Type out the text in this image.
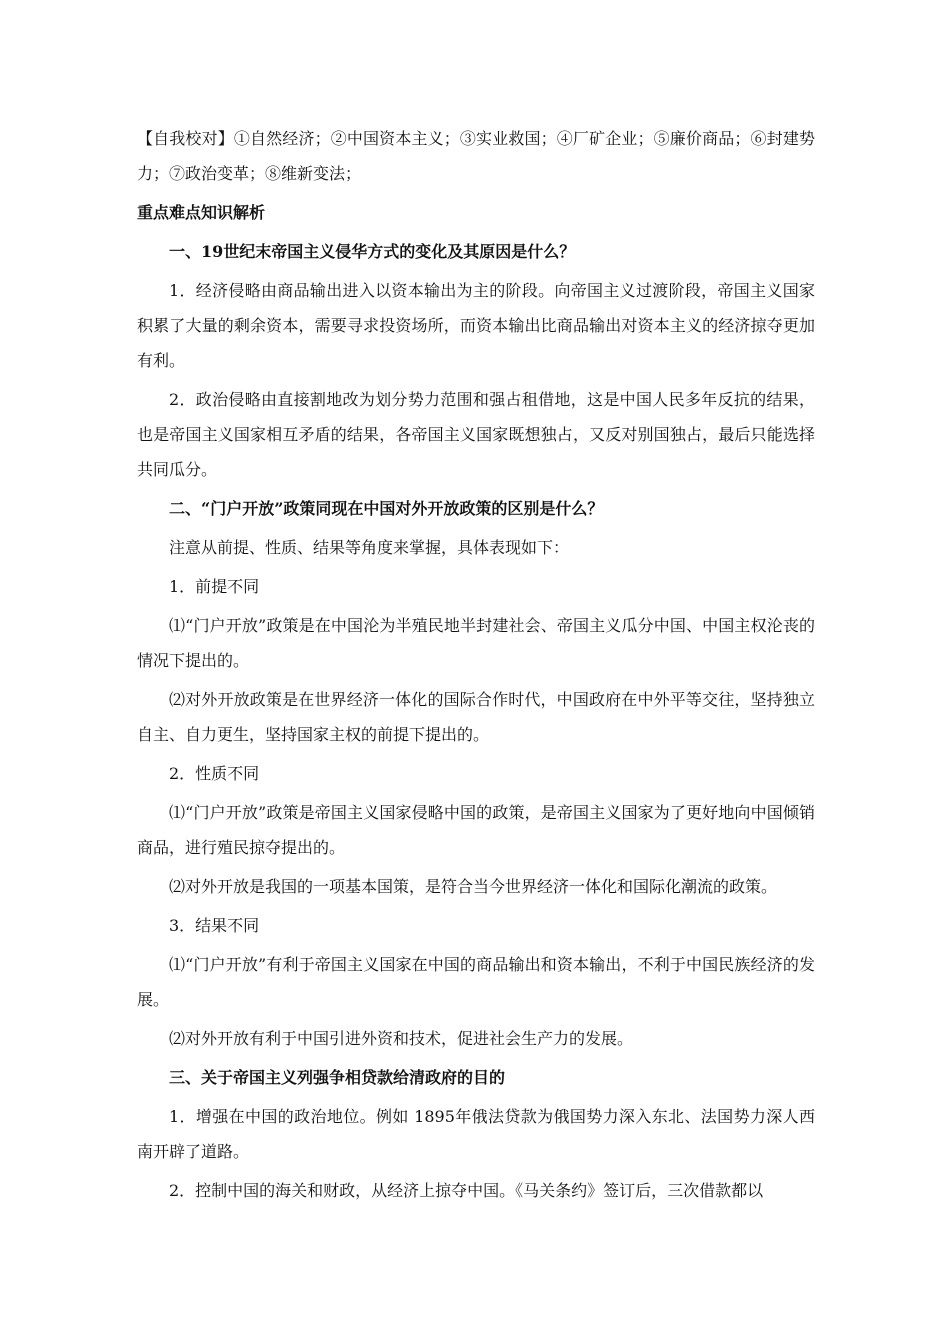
【自我校对】①自然经济；②中国资本主义；③实业救国；④厂矿企业；⑤廉价商品；⑥封建势力；⑦政治变革；⑧维新变法；

重点难点知识解析

一、19世纪末帝国主义侵华方式的变化及其原因是什么？

1．经济侵略由商品输出进入以资本输出为主的阶段。向帝国主义过渡阶段，帝国主义国家积累了大量的剩余资本，需要寻求投资场所，而资本输出比商品输出对资本主义的经济掠夺更加有利。

2．政治侵略由直接割地改为划分势力范围和强占租借地，这是中国人民多年反抗的结果，也是帝国主义国家相互矛盾的结果，各帝国主义国家既想独占，又反对别国独占，最后只能选择共同瓜分。

二、“门户开放”政策同现在中国对外开放政策的区别是什么？

注意从前提、性质、结果等角度来掌握，具体表现如下：

1．前提不同

⑴“门户开放”政策是在中国沦为半殖民地半封建社会、帝国主义瓜分中国、中国主权沦丧的情况下提出的。

⑵对外开放政策是在世界经济一体化的国际合作时代，中国政府在中外平等交往，坚持独立自主、自力更生，坚持国家主权的前提下提出的。

2．性质不同

⑴“门户开放”政策是帝国主义国家侵略中国的政策，是帝国主义国家为了更好地向中国倾销商品，进行殖民掠夺提出的。

⑵对外开放是我国的一项基本国策，是符合当今世界经济一体化和国际化潮流的政策。

3．结果不同

⑴“门户开放”有利于帝国主义国家在中国的商品输出和资本输出，不利于中国民族经济的发展。

⑵对外开放有利于中国引进外资和技术，促进社会生产力的发展。

三、关于帝国主义列强争相贷款给清政府的目的

1．增强在中国的政治地位。例如 1895年俄法贷款为俄国势力深入东北、法国势力深人西南开辟了道路。

2．控制中国的海关和财政，从经济上掠夺中国。《马关条约》签订后，三次借款都以
